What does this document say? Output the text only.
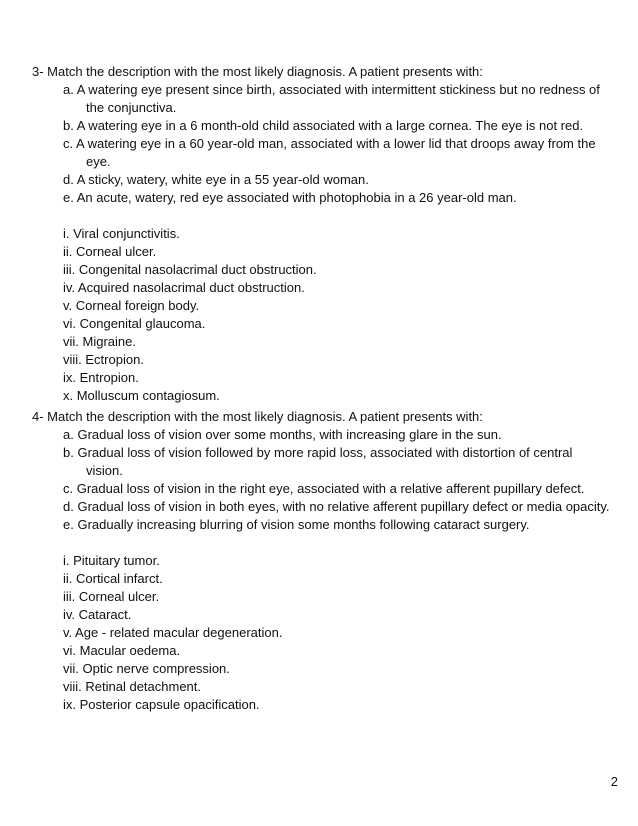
3- Match the description with the most likely diagnosis. A patient presents with:

a. A watering eye present since birth, associated with intermittent stickiness but no redness of the conjunctiva.
b. A watering eye in a 6 month-old child associated with a large cornea. The eye is not red.
c. A watering eye in a 60 year-old man, associated with a lower lid that droops away from the eye.
d. A sticky, watery, white eye in a 55 year-old woman.
e. An acute, watery, red eye associated with photophobia in a 26 year-old man.
i. Viral conjunctivitis.
ii. Corneal ulcer.
iii. Congenital nasolacrimal duct obstruction.
iv. Acquired nasolacrimal duct obstruction.
v. Corneal foreign body.
vi. Congenital glaucoma.
vii. Migraine.
viii. Ectropion.
ix. Entropion.
x. Molluscum contagiosum.

4- Match the description with the most likely diagnosis. A patient presents with:

a. Gradual loss of vision over some months, with increasing glare in the sun.
b. Gradual loss of vision followed by more rapid loss, associated with distortion of central vision.
c. Gradual loss of vision in the right eye, associated with a relative afferent pupillary defect.
d. Gradual loss of vision in both eyes, with no relative afferent pupillary defect or media opacity.
e. Gradually increasing blurring of vision some months following cataract surgery.
i. Pituitary tumor.
ii. Cortical infarct.
iii. Corneal ulcer.
iv. Cataract.
v. Age - related macular degeneration.
vi. Macular oedema.
vii. Optic nerve compression.
viii. Retinal detachment.
ix. Posterior capsule opacification.
2
